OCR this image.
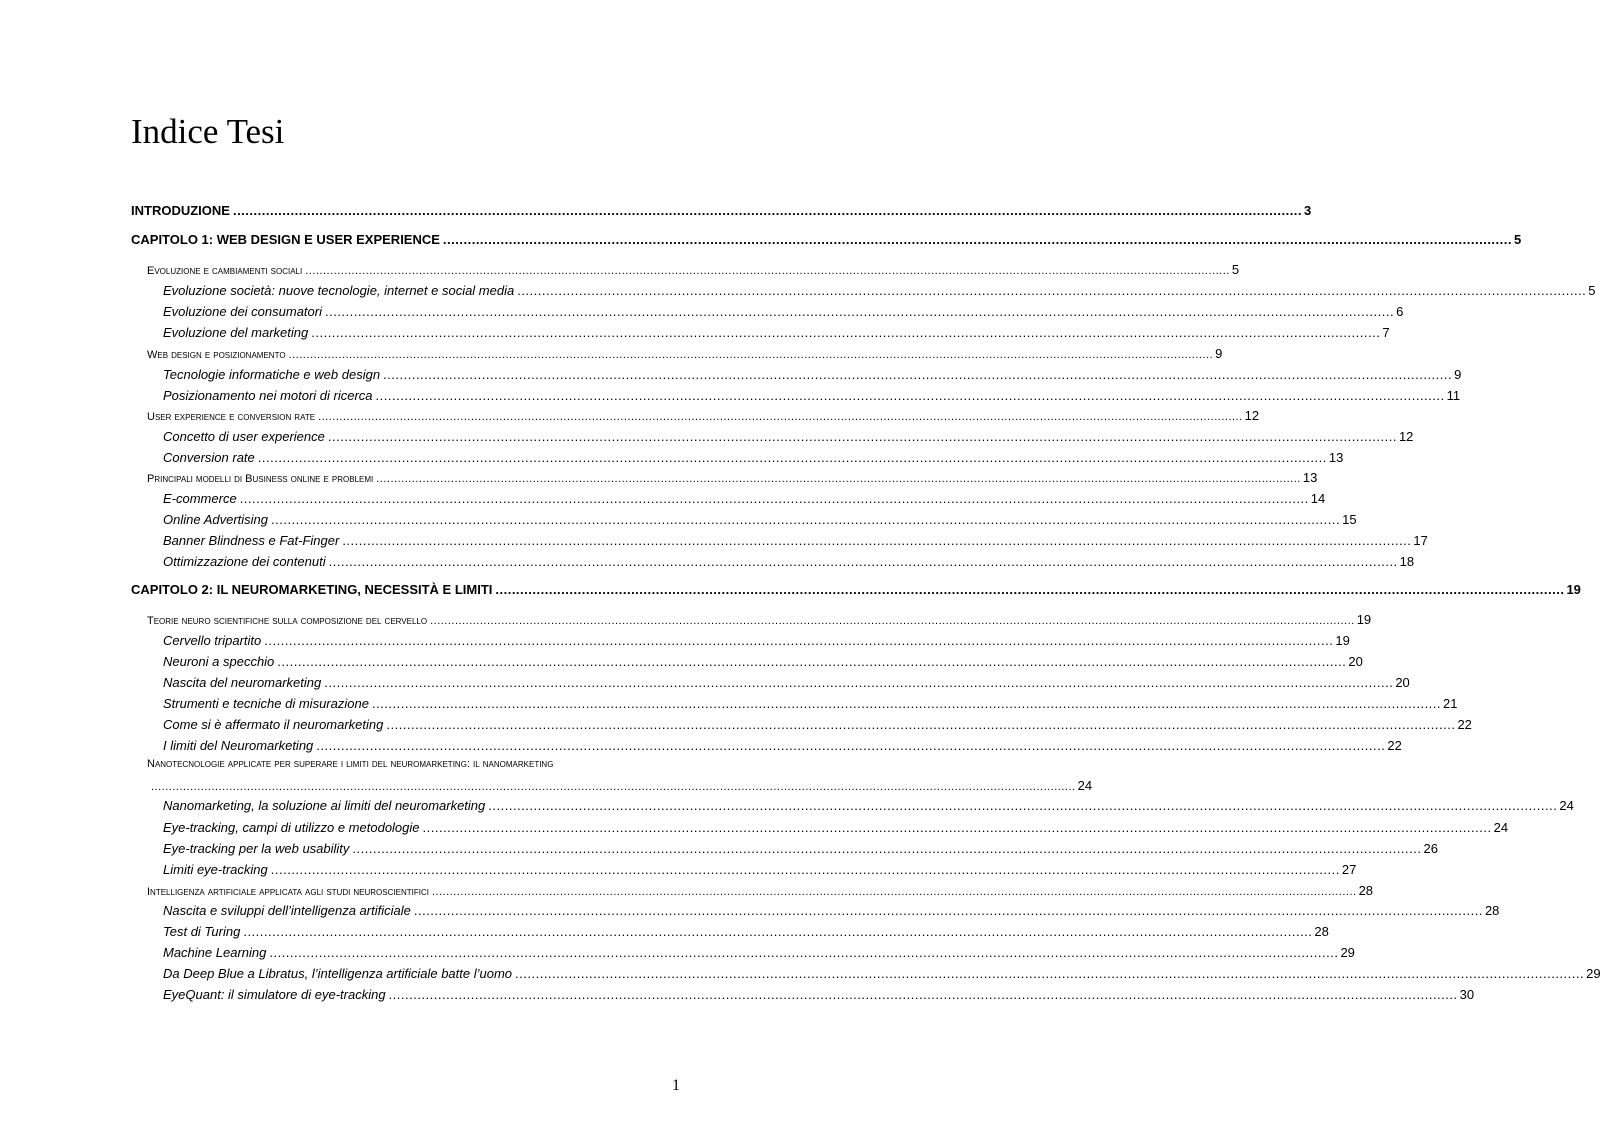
Indice Tesi
INTRODUZIONE .................................................................................................................................................................................................................................................................... 3
CAPITOLO 1: WEB DESIGN E USER EXPERIENCE .................................................................................................................................................................................................................................................................... 5
Evoluzione e cambiamenti sociali .................................................................................................................................................................................................................................................................... 5
Evoluzione società: nuove tecnologie, internet e social media .................................................................................................................................................................................................................................................................... 5
Evoluzione dei consumatori .................................................................................................................................................................................................................................................................... 6
Evoluzione del marketing .................................................................................................................................................................................................................................................................... 7
Web design e posizionamento .................................................................................................................................................................................................................................................................... 9
Tecnologie informatiche e web design .................................................................................................................................................................................................................................................................... 9
Posizionamento nei motori di ricerca .................................................................................................................................................................................................................................................................... 11
User experience e conversion rate .................................................................................................................................................................................................................................................................... 12
Concetto di user experience .................................................................................................................................................................................................................................................................... 12
Conversion rate .................................................................................................................................................................................................................................................................... 13
Principali modelli di Business online e problemi .................................................................................................................................................................................................................................................................... 13
E-commerce .................................................................................................................................................................................................................................................................... 14
Online Advertising .................................................................................................................................................................................................................................................................... 15
Banner Blindness e Fat-Finger .................................................................................................................................................................................................................................................................... 17
Ottimizzazione dei contenuti .................................................................................................................................................................................................................................................................... 18
CAPITOLO 2: IL NEUROMARKETING, NECESSITÀ E LIMITI .................................................................................................................................................................................................................................................................... 19
Teorie neuro scientifiche sulla composizione del cervello .................................................................................................................................................................................................................................................................... 19
Cervello tripartito .................................................................................................................................................................................................................................................................... 19
Neuroni a specchio .................................................................................................................................................................................................................................................................... 20
Nascita del neuromarketing .................................................................................................................................................................................................................................................................... 20
Strumenti e tecniche di misurazione .................................................................................................................................................................................................................................................................... 21
Come si è affermato il neuromarketing .................................................................................................................................................................................................................................................................... 22
I limiti del Neuromarketing .................................................................................................................................................................................................................................................................... 22
Nanotecnologie applicate per superare i limiti del neuromarketing: il nanomarketing
.................................................................................................................................................................................................................................................................... 24
Nanomarketing, la soluzione ai limiti del neuromarketing .................................................................................................................................................................................................................................................................... 24
Eye-tracking, campi di utilizzo e metodologie .................................................................................................................................................................................................................................................................... 24
Eye-tracking per la web usability .................................................................................................................................................................................................................................................................... 26
Limiti eye-tracking .................................................................................................................................................................................................................................................................... 27
Intelligenza artificiale applicata agli studi neuroscientifici .................................................................................................................................................................................................................................................................... 28
Nascita e sviluppi dell’intelligenza artificiale .................................................................................................................................................................................................................................................................... 28
Test di Turing .................................................................................................................................................................................................................................................................... 28
Machine Learning .................................................................................................................................................................................................................................................................... 29
Da Deep Blue a Libratus, l’intelligenza artificiale batte l’uomo .................................................................................................................................................................................................................................................................... 29
EyeQuant: il simulatore di eye-tracking .................................................................................................................................................................................................................................................................... 30
1
